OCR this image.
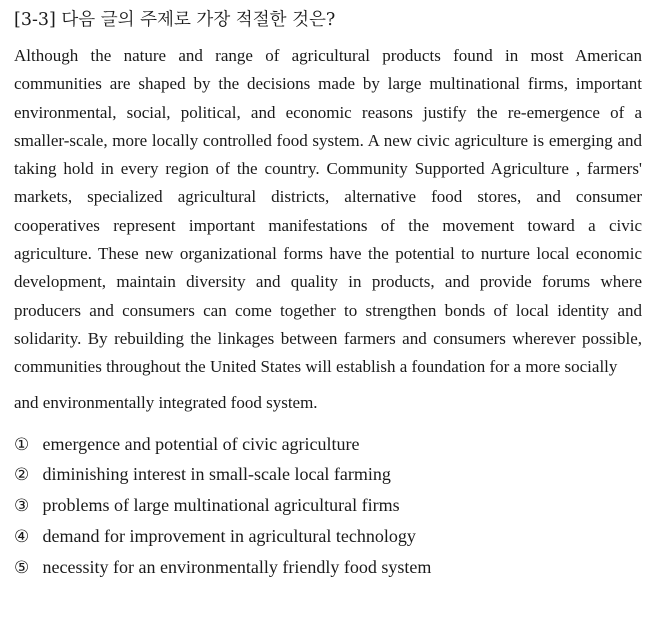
[3-3] 다음 글의 주제로 가장 적절한 것은?

Although the nature and range of agricultural products found in most American communities are shaped by the decisions made by large multinational firms, important environmental, social, political, and economic reasons justify the re-emergence of a smaller-scale, more locally controlled food system. A new civic agriculture is emerging and taking hold in every region of the country. Community Supported Agriculture , farmers' markets, specialized agricultural districts, alternative food stores, and consumer cooperatives represent important manifestations of the movement toward a civic agriculture. These new organizational forms have the potential to nurture local economic development, maintain diversity and quality in products, and provide forums where producers and consumers can come together to strengthen bonds of local identity and solidarity. By rebuilding the linkages between farmers and consumers wherever possible, communities throughout the United States will establish a foundation for a more socially

and environmentally integrated food system.

① emergence and potential of civic agriculture
② diminishing interest in small-scale local farming
③ problems of large multinational agricultural firms
④ demand for improvement in agricultural technology
⑤ necessity for an environmentally friendly food system
